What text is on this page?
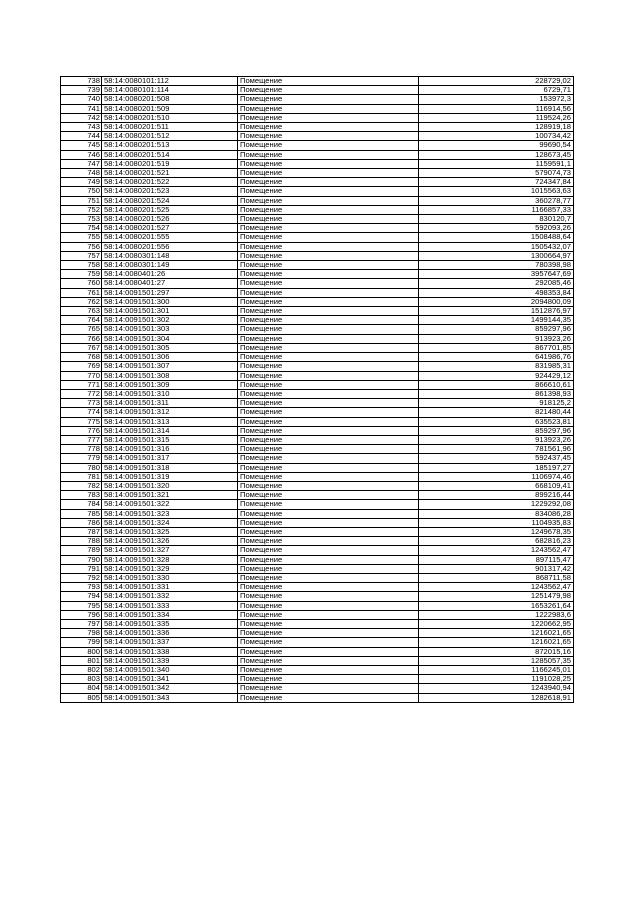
738	58:14:0080101:112	Помещение	228729,02
739	58:14:0080101:114	Помещение	6729,71
740	58:14:0080201:508	Помещение	153972,3
741	58:14:0080201:509	Помещение	116914,56
742	58:14:0080201:510	Помещение	119524,26
743	58:14:0080201:511	Помещение	128919,18
744	58:14:0080201:512	Помещение	100734,42
745	58:14:0080201:513	Помещение	99690,54
746	58:14:0080201:514	Помещение	128673,45
747	58:14:0080201:519	Помещение	1159591,1
748	58:14:0080201:521	Помещение	579074,73
749	58:14:0080201:522	Помещение	724347,84
750	58:14:0080201:523	Помещение	1015563,63
751	58:14:0080201:524	Помещение	360278,77
752	58:14:0080201:525	Помещение	1166857,33
753	58:14:0080201:526	Помещение	830120,7
754	58:14:0080201:527	Помещение	592093,26
755	58:14:0080201:555	Помещение	1508488,64
756	58:14:0080201:556	Помещение	1505432,07
757	58:14:0080301:148	Помещение	1300664,97
758	58:14:0080301:149	Помещение	780398,98
759	58:14:0080401:26	Помещение	3957647,69
760	58:14:0080401:27	Помещение	292085,46
761	58:14:0091501:297	Помещение	498353,84
762	58:14:0091501:300	Помещение	2094800,09
763	58:14:0091501:301	Помещение	1512876,97
764	58:14:0091501:302	Помещение	1499144,35
765	58:14:0091501:303	Помещение	859297,96
766	58:14:0091501:304	Помещение	913923,26
767	58:14:0091501:305	Помещение	867701,85
768	58:14:0091501:306	Помещение	641986,76
769	58:14:0091501:307	Помещение	831985,31
770	58:14:0091501:308	Помещение	924429,12
771	58:14:0091501:309	Помещение	866610,61
772	58:14:0091501:310	Помещение	861398,93
773	58:14:0091501:311	Помещение	918125,2
774	58:14:0091501:312	Помещение	821480,44
775	58:14:0091501:313	Помещение	635523,81
776	58:14:0091501:314	Помещение	859297,96
777	58:14:0091501:315	Помещение	913923,26
778	58:14:0091501:316	Помещение	781561,96
779	58:14:0091501:317	Помещение	592437,45
780	58:14:0091501:318	Помещение	185197,27
781	58:14:0091501:319	Помещение	1106974,46
782	58:14:0091501:320	Помещение	668109,41
783	58:14:0091501:321	Помещение	899216,44
784	58:14:0091501:322	Помещение	1229292,08
785	58:14:0091501:323	Помещение	834086,28
786	58:14:0091501:324	Помещение	1104935,83
787	58:14:0091501:325	Помещение	1249678,35
788	58:14:0091501:326	Помещение	682816,23
789	58:14:0091501:327	Помещение	1243562,47
790	58:14:0091501:328	Помещение	897115,47
791	58:14:0091501:329	Помещение	901317,42
792	58:14:0091501:330	Помещение	868711,58
793	58:14:0091501:331	Помещение	1243562,47
794	58:14:0091501:332	Помещение	1251479,98
795	58:14:0091501:333	Помещение	1653261,64
796	58:14:0091501:334	Помещение	1222983,6
797	58:14:0091501:335	Помещение	1220662,95
798	58:14:0091501:336	Помещение	1216021,65
799	58:14:0091501:337	Помещение	1216021,65
800	58:14:0091501:338	Помещение	872015,16
801	58:14:0091501:339	Помещение	1285057,35
802	58:14:0091501:340	Помещение	1166245,01
803	58:14:0091501:341	Помещение	1191028,25
804	58:14:0091501:342	Помещение	1243940,94
805	58:14:0091501:343	Помещение	1282618,91
